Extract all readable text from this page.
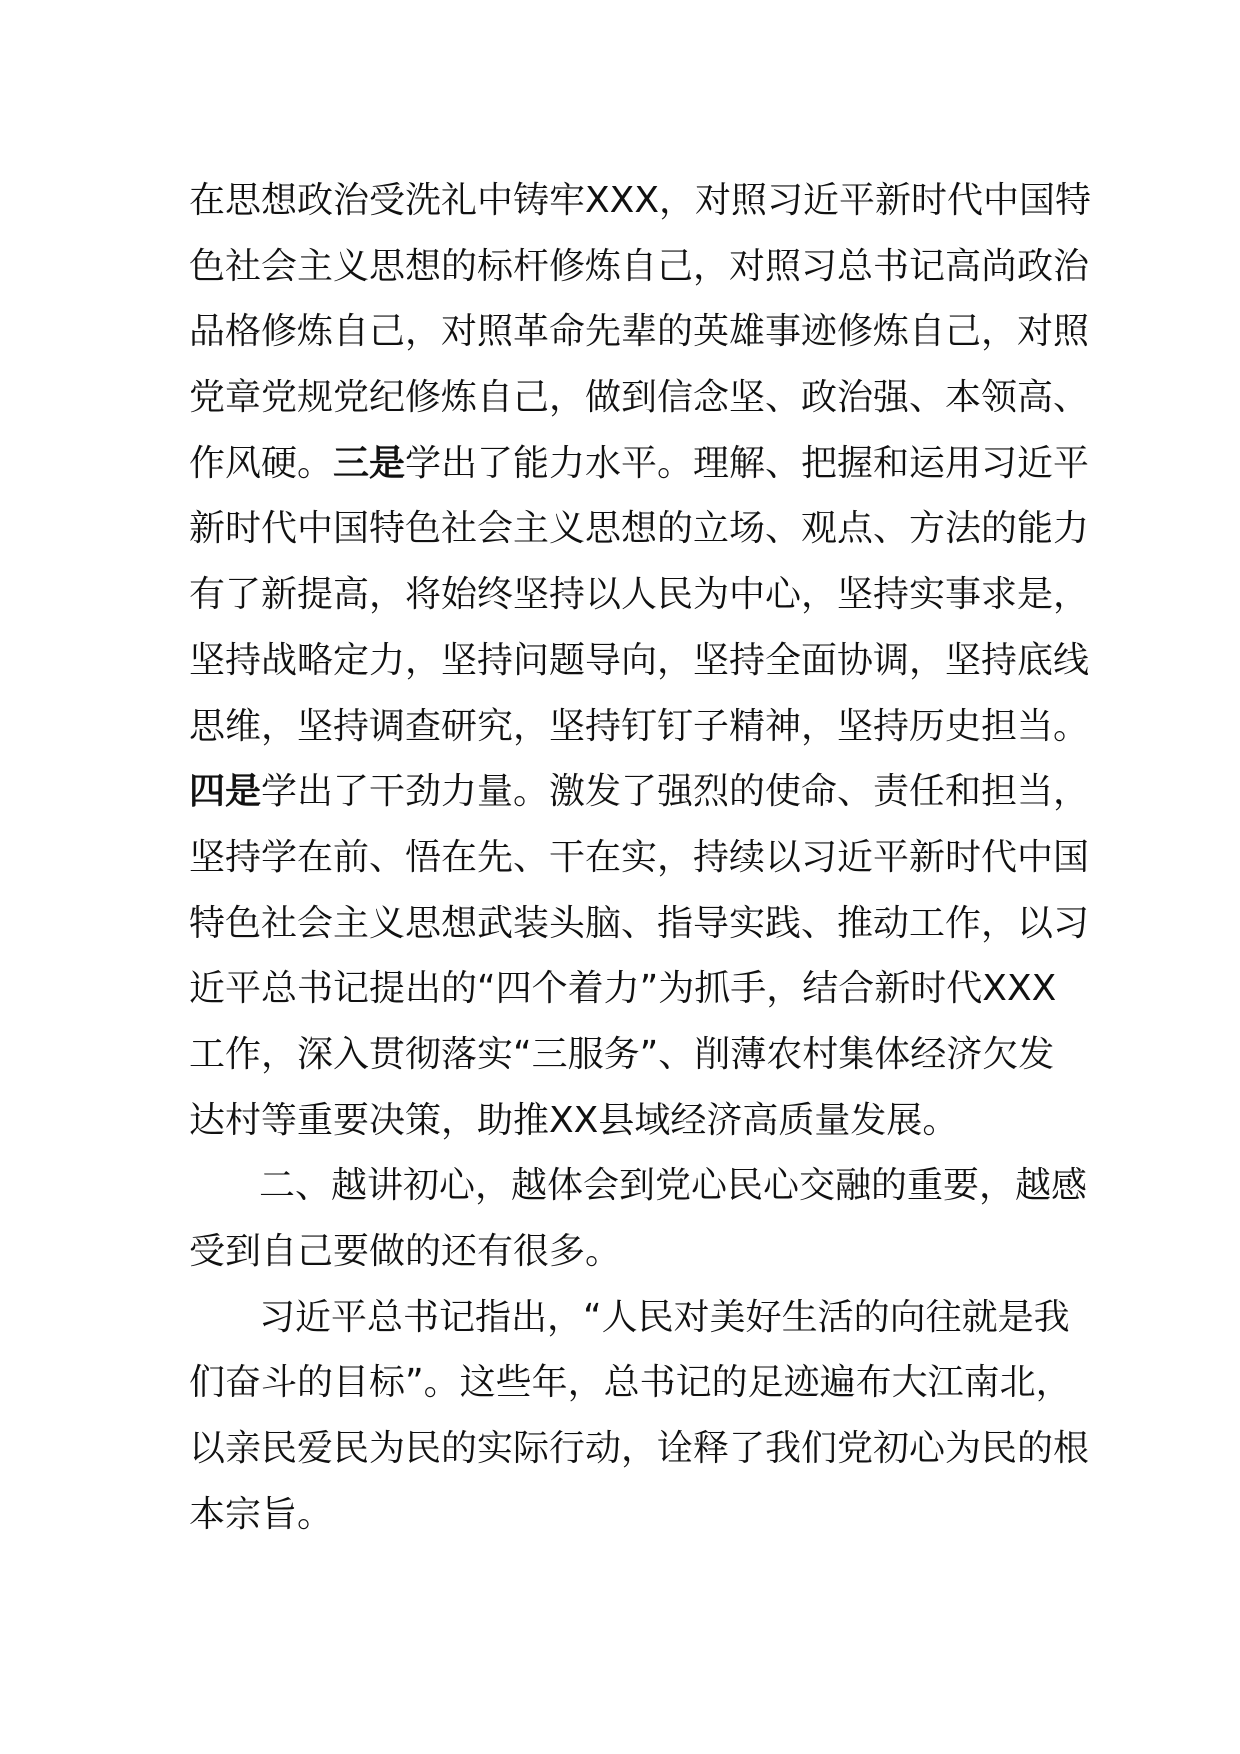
在思想政治受洗礼中铸牢XXX，对照习近平新时代中国特
色社会主义思想的标杆修炼自己，对照习总书记高尚政治
品格修炼自己，对照革命先辈的英雄事迹修炼自己，对照
党章党规党纪修炼自己，做到信念坚、政治强、本领高、
作风硬。三是学出了能力水平。理解、把握和运用习近平
新时代中国特色社会主义思想的立场、观点、方法的能力
有了新提高，将始终坚持以人民为中心，坚持实事求是，
坚持战略定力，坚持问题导向，坚持全面协调，坚持底线
思维，坚持调查研究，坚持钉钉子精神，坚持历史担当。
四是学出了干劲力量。激发了强烈的使命、责任和担当，
坚持学在前、悟在先、干在实，持续以习近平新时代中国
特色社会主义思想武装头脑、指导实践、推动工作，以习
近平总书记提出的“四个着力”为抓手，结合新时代XXX
工作，深入贯彻落实“三服务”、削薄农村集体经济欠发
达村等重要决策，助推XX县域经济高质量发展。
二、越讲初心，越体会到党心民心交融的重要，越感
受到自己要做的还有很多。
习近平总书记指出，“人民对美好生活的向往就是我
们奋斗的目标”。这些年，总书记的足迹遍布大江南北，
以亲民爱民为民的实际行动，诠释了我们党初心为民的根
本宗旨。
